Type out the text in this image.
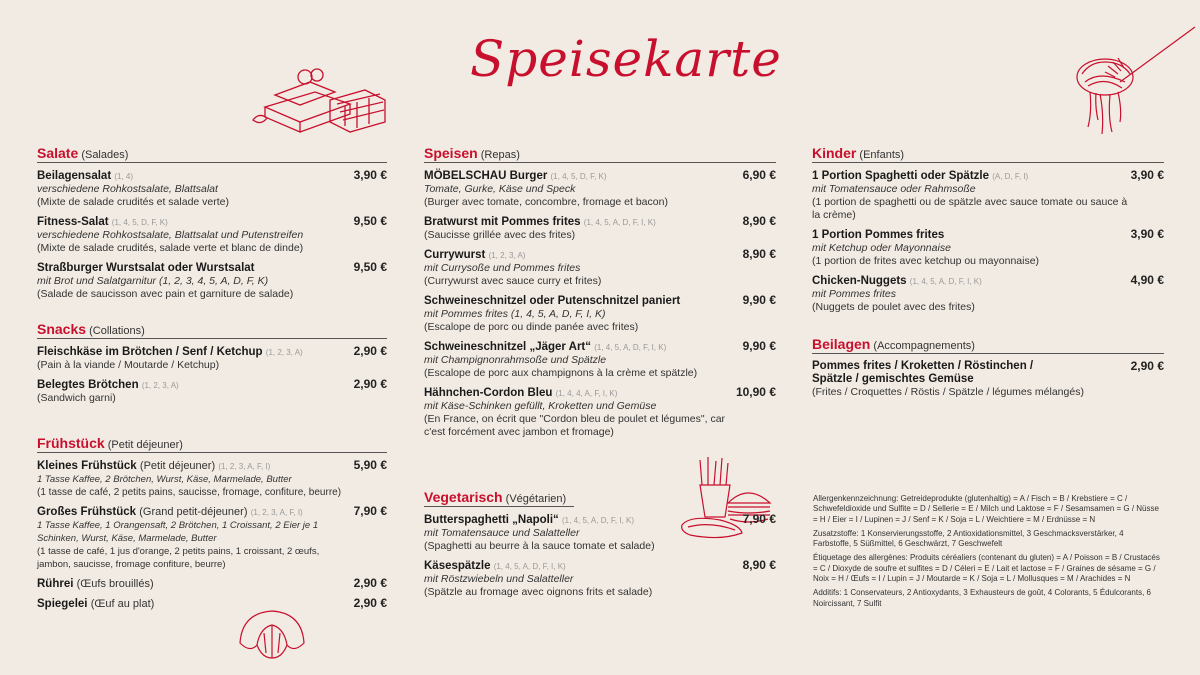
Speisekarte
Salate (Salades)
Beilagensalat (1, 4)	3,90 €
verschiedene Rohkostsalate, Blattsalat
(Mixte de salade crudités et salade verte)
Fitness-Salat (1, 4, 5, D, F, K)	9,50 €
verschiedene Rohkostsalate, Blattsalat und Putenstreifen
(Mixte de salade crudités, salade verte et blanc de dinde)
Straßburger Wurstsalat oder Wurstsalat	9,50 €
mit Brot und Salatgarnitur (1, 2, 3, 4, 5, A, D, F, K)
(Salade de saucisson avec pain et garniture de salade)
Snacks (Collations)
Fleischkäse im Brötchen / Senf / Ketchup (1, 2, 3, A)	2,90 €
(Pain à la viande / Moutarde / Ketchup)
Belegtes Brötchen (1, 2, 3, A)	2,90 €
(Sandwich garni)
Frühstück (Petit déjeuner)
Kleines Frühstück (Petit déjeuner) (1, 2, 3, A, F, I)	5,90 €
1 Tasse Kaffee, 2 Brötchen, Wurst, Käse, Marmelade, Butter
(1 tasse de café, 2 petits pains, saucisse, fromage, confiture, beurre)
Großes Frühstück (Grand petit-déjeuner) (1, 2, 3, A, F, I)	7,90 €
1 Tasse Kaffee, 1 Orangensaft, 2 Brötchen, 1 Croissant, 2 Eier je 1 Schinken, Wurst, Käse, Marmelade, Butter
(1 tasse de café, 1 jus d'orange, 2 petits pains, 1 croissant, 2 œufs, jambon, saucisse, fromage confiture, beurre)
Rührei (Œufs brouillés)	2,90 €
Spiegelei (Œuf au plat)	2,90 €
Speisen (Repas)
MÖBELSCHAU Burger (1, 4, 5, D, F, K)	6,90 €
Tomate, Gurke, Käse und Speck
(Burger avec tomate, concombre, fromage et bacon)
Bratwurst mit Pommes frites (1, 4, 5, A, D, F, I, K)	8,90 €
(Saucisse grillée avec des frites)
Currywurst (1, 2, 3, A)	8,90 €
mit Currysoße und Pommes frites
(Currywurst avec sauce curry et frites)
Schweineschnitzel oder Putenschnitzel paniert	9,90 €
mit Pommes frites (1, 4, 5, A, D, F, I, K)
(Escalope de porc ou dinde panée avec frites)
Schweineschnitzel „Jäger Art“ (1, 4, 5, A, D, F, I, K)	9,90 €
mit Champignonrahmsoße und Spätzle
(Escalope de porc aux champignons à la crème et spätzle)
Hähnchen-Cordon Bleu (1, 4, 4, A, F, I, K)	10,90 €
mit Käse-Schinken gefüllt, Kroketten und Gemüse
(En France, on écrit que "Cordon bleu de poulet et légumes", car c'est forcément avec jambon et fromage)
Vegetarisch (Végétarien)
Butterspaghetti „Napoli“ (1, 4, 5, A, D, F, I, K)	7,90 €
mit Tomatensauce und Salatteller
(Spaghetti au beurre à la sauce tomate et salade)
Käsespätzle (1, 4, 5, A, D, F, I, K)	8,90 €
mit Röstzwiebeln und Salatteller
(Spätzle au fromage avec oignons frits et salade)
Kinder (Enfants)
1 Portion Spaghetti oder Spätzle (A, D, F, I)	3,90 €
mit Tomatensauce oder Rahmsoße
(1 portion de spaghetti ou de spätzle avec sauce tomate ou sauce à la crème)
1 Portion Pommes frites	3,90 €
mit Ketchup oder Mayonnaise
(1 portion de frites avec ketchup ou mayonnaise)
Chicken-Nuggets (1, 4, 5, A, D, F, I, K)	4,90 €
mit Pommes frites
(Nuggets de poulet avec des frites)
Beilagen (Accompagnements)
Pommes frites / Kroketten / Röstinchen / Spätzle / gemischtes Gemüse
2,90 €
(Frites / Croquettes / Röstis / Spätzle / légumes mélangés)

Allergenkennzeichnung: Getreideprodukte (glutenhaltig) = A / Fisch = B / Krebstiere = C / Schwefeldioxide und Sulfite = D / Sellerie = E / Milch und Laktose = F / Sesamsamen = G / Nüsse = H / Eier = I / Lupinen = J / Senf = K / Soja = L / Weichtiere = M / Erdnüsse = N

Zusatzstoffe: 1 Konservierungsstoffe, 2 Antioxidationsmittel, 3 Geschmacksverstärker, 4 Farbstoffe, 5 Süßmittel, 6 Geschwärzt, 7 Geschwefelt

Étiquetage des allergènes: Produits céréaliers (contenant du gluten) = A / Poisson = B / Crustacés = C / Dioxyde de soufre et sulfites = D / Céleri = E / Lait et lactose = F / Graines de sésame = G / Noix = H / Œufs = I / Lupin = J / Moutarde = K / Soja = L / Mollusques = M / Arachides = N

Additifs: 1 Conservateurs, 2 Antioxydants, 3 Exhausteurs de goût, 4 Colorants, 5 Édulcorants, 6 Noircissant, 7 Sulfit
